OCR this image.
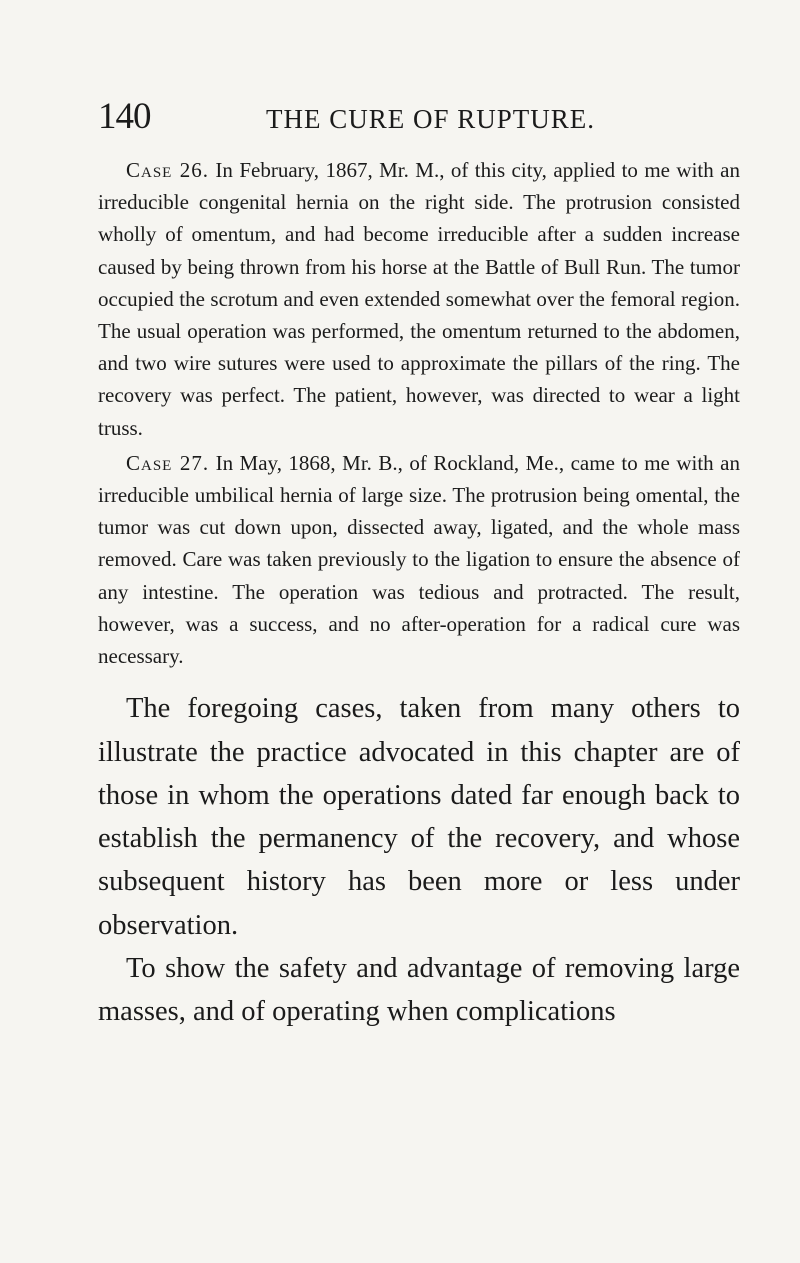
140	THE CURE OF RUPTURE.

Case 26. In February, 1867, Mr. M., of this city, applied to me with an irreducible congenital hernia on the right side. The protrusion consisted wholly of omentum, and had become irreducible after a sudden increase caused by being thrown from his horse at the Battle of Bull Run. The tumor occupied the scrotum and even extended somewhat over the femoral region. The usual operation was performed, the omentum returned to the abdomen, and two wire sutures were used to approximate the pillars of the ring. The recovery was perfect. The patient, however, was directed to wear a light truss.

Case 27. In May, 1868, Mr. B., of Rockland, Me., came to me with an irreducible umbilical hernia of large size. The protrusion being omental, the tumor was cut down upon, dissected away, ligated, and the whole mass removed. Care was taken previously to the ligation to ensure the absence of any intestine. The operation was tedious and protracted. The result, however, was a success, and no after-operation for a radical cure was necessary.

The foregoing cases, taken from many others to illustrate the practice advocated in this chapter are of those in whom the operations dated far enough back to establish the permanency of the recovery, and whose subsequent history has been more or less under observation.

To show the safety and advantage of removing large masses, and of operating when complications
